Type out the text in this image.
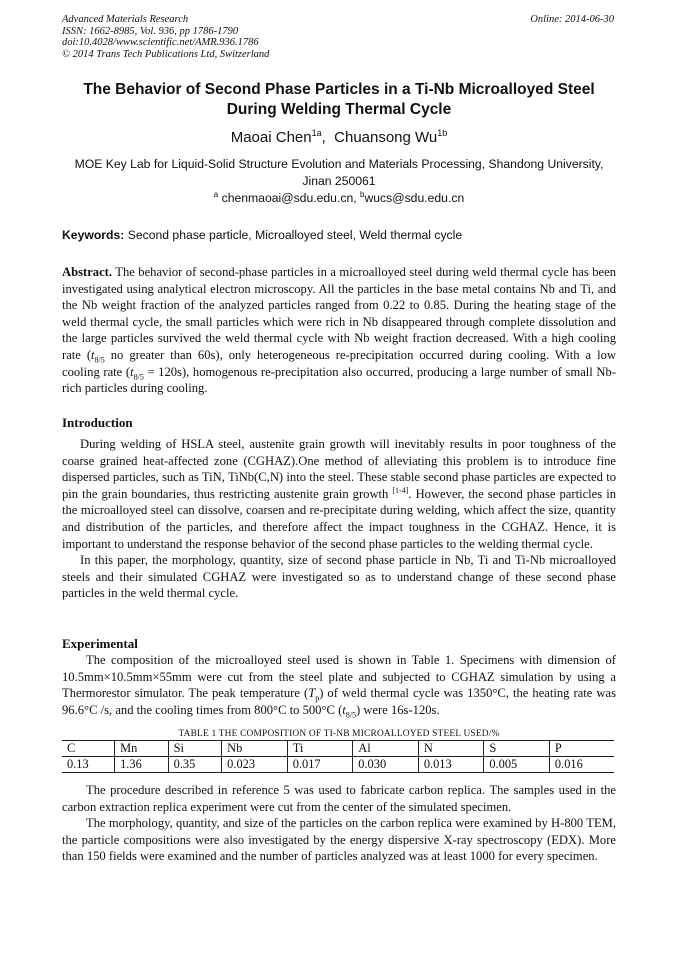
Advanced Materials Research
ISSN: 1662-8985, Vol. 936, pp 1786-1790
doi:10.4028/www.scientific.net/AMR.936.1786
© 2014 Trans Tech Publications Ltd, Switzerland
Online: 2014-06-30
The Behavior of Second Phase Particles in a Ti-Nb Microalloyed Steel During Welding Thermal Cycle
Maoai Chen$^{1a}$,  Chuansong $Wu^{1b}$
MOE Key Lab for Liquid-Solid Structure Evolution and Materials Processing, Shandong University, Jinan 250061
$^a$ chenmaoai@sdu.edu.cn, $^b$wucs@sdu.edu.cn
Keywords: Second phase particle, Microalloyed steel, Weld thermal cycle
Abstract. The behavior of second-phase particles in a microalloyed steel during weld thermal cycle has been investigated using analytical electron microscopy. All the particles in the base metal contains Nb and Ti, and the Nb weight fraction of the analyzed particles ranged from 0.22 to 0.85. During the heating stage of the weld thermal cycle, the small particles which were rich in Nb disappeared through complete dissolution and the large particles survived the weld thermal cycle with Nb weight fraction decreased. With a high cooling rate ($t_{8/5}$ no greater than 60s), only heterogeneous re-precipitation occurred during cooling. With a low cooling rate $(t_{8/5} = 120s)$, homogenous re-precipitation also occurred, producing a large number of small Nb-rich particles during cooling.
Introduction

During welding of HSLA steel, austenite grain growth will inevitably results in poor toughness of the coarse grained heat-affected zone (CGHAZ).One method of alleviating this problem is to introduce fine dispersed particles, such as TiN, TiNb(C,N) into the steel. These stable second phase particles are expected to pin the grain boundaries, thus restricting austenite grain growth [1-4]. However, the second phase particles in the microalloyed steel can dissolve, coarsen and re-precipitate during welding, which affect the size, quantity and distribution of the particles, and therefore affect the impact toughness in the CGHAZ. Hence, it is important to understand the response behavior of the second phase particles to the welding thermal cycle.

In this paper, the morphology, quantity, size of second phase particle in Nb, Ti and Ti-Nb microalloyed steels and their simulated CGHAZ were investigated so as to understand change of these second phase particles in the weld thermal cycle.

Experimental

The composition of the microalloyed steel used is shown in Table 1. Specimens with dimension of 10.5mm×10.5mm×55mm were cut from the steel plate and subjected to CGHAZ simulation by using a Thermorestor simulator. The peak temperature $(T_p)$ of weld thermal cycle was 1350°C, the heating rate was 96.6°C /s, and the cooling times from 800°C to 500°C $(t_{8/5})$ were 16s-120s.

TABLE 1 THE COMPOSITION OF TI-NB MICROALLOYED STEEL USED/%
C	Mn	Si	Nb	Ti	Al	N	S	P
0.13	1.36	0.35	0.023	0.017	0.030	0.013	0.005	0.016

The procedure described in reference 5 was used to fabricate carbon replica. The samples used in the carbon extraction replica experiment were cut from the center of the simulated specimen.

The morphology, quantity, and size of the particles on the carbon replica were examined by H-800 TEM, the particle compositions were also investigated by the energy dispersive X-ray spectroscopy (EDX). More than 150 fields were examined and the number of particles analyzed was at least 1000 for every specimen.
